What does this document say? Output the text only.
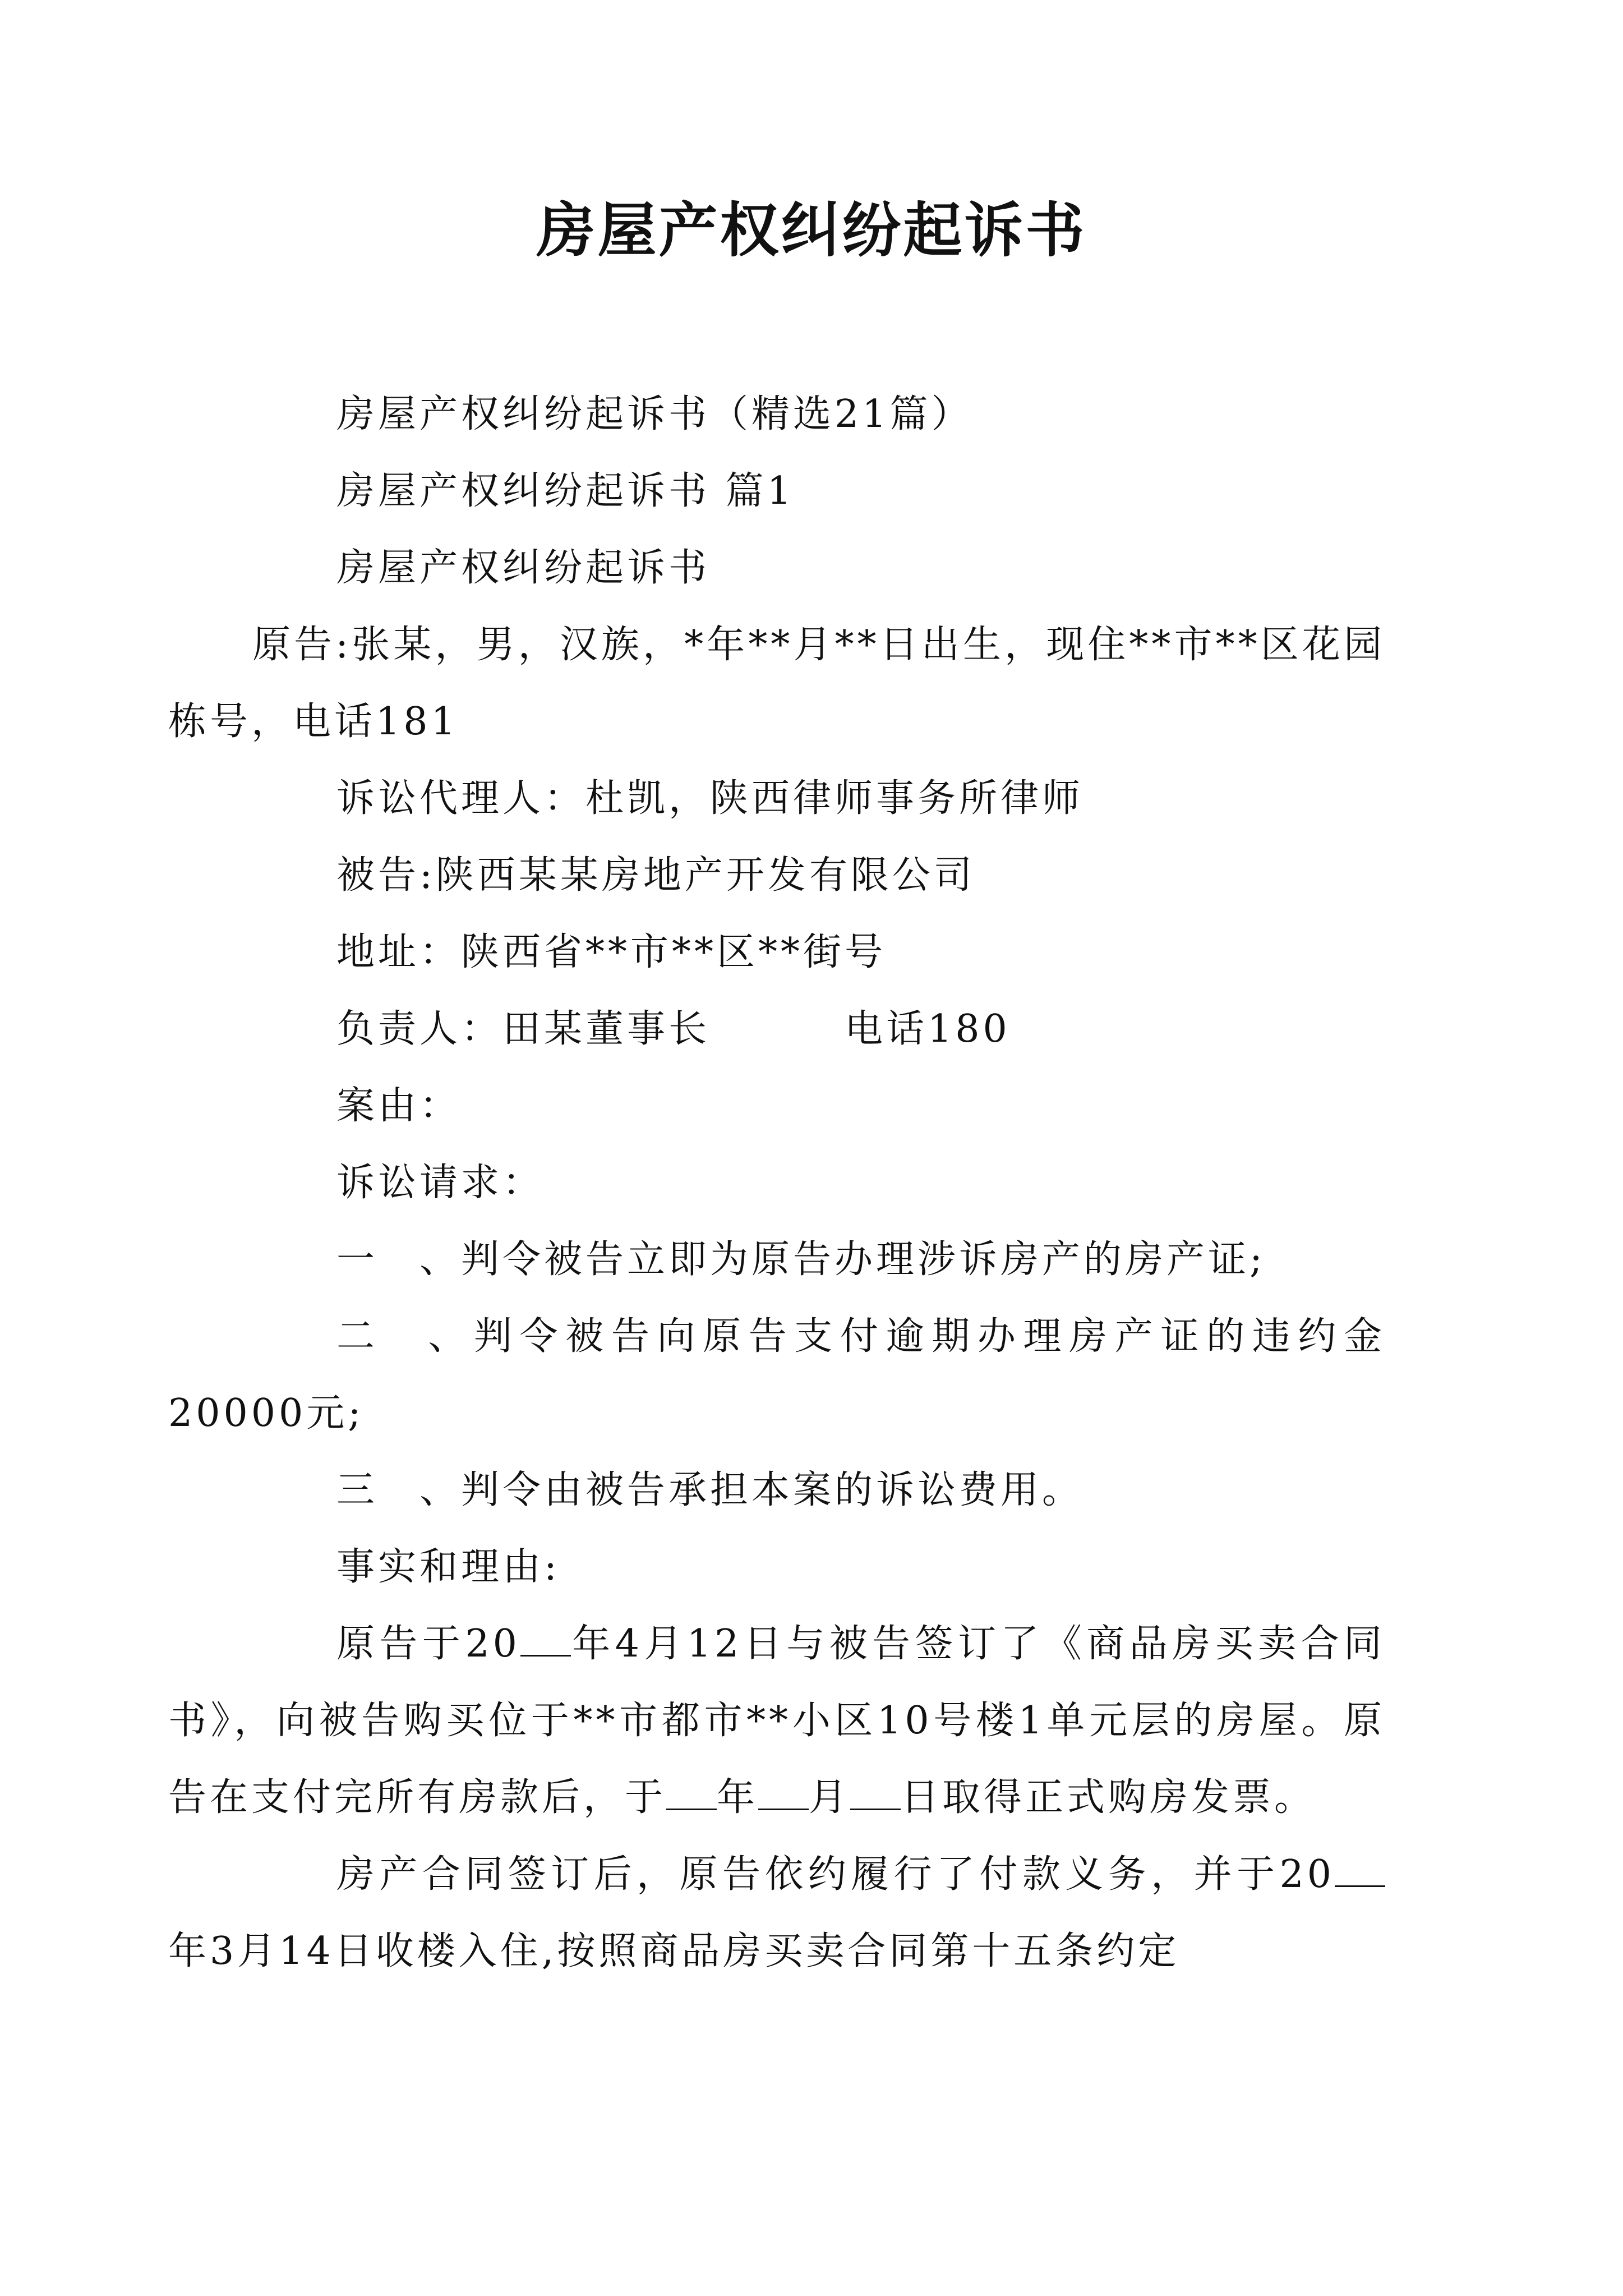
房屋产权纠纷起诉书

房屋产权纠纷起诉书（精选21篇）

房屋产权纠纷起诉书 篇1

房屋产权纠纷起诉书

原告:张某，男，汉族，*年**月**日出生，现住**市**区花园栋号，电话181

诉讼代理人：杜凯，陕西律师事务所律师

被告:陕西某某房地产开发有限公司

地址：陕西省**市**区**街号

负责人：田某董事长	电话180

案由：

诉讼请求：

一　、判令被告立即为原告办理涉诉房产的房产证;

二　、判令被告向原告支付逾期办理房产证的违约金20000元;

三　、判令由被告承担本案的诉讼费用。

事实和理由:

原告于20 年4月12日与被告签订了《商品房买卖合同书》，向被告购买位于**市都市**小区10号楼1单元层的房屋。原告在支付完所有房款后，于 年 月 日取得正式购房发票。

房产合同签订后，原告依约履行了付款义务，并于20年3月14日收楼入住,按照商品房买卖合同第十五条约定
